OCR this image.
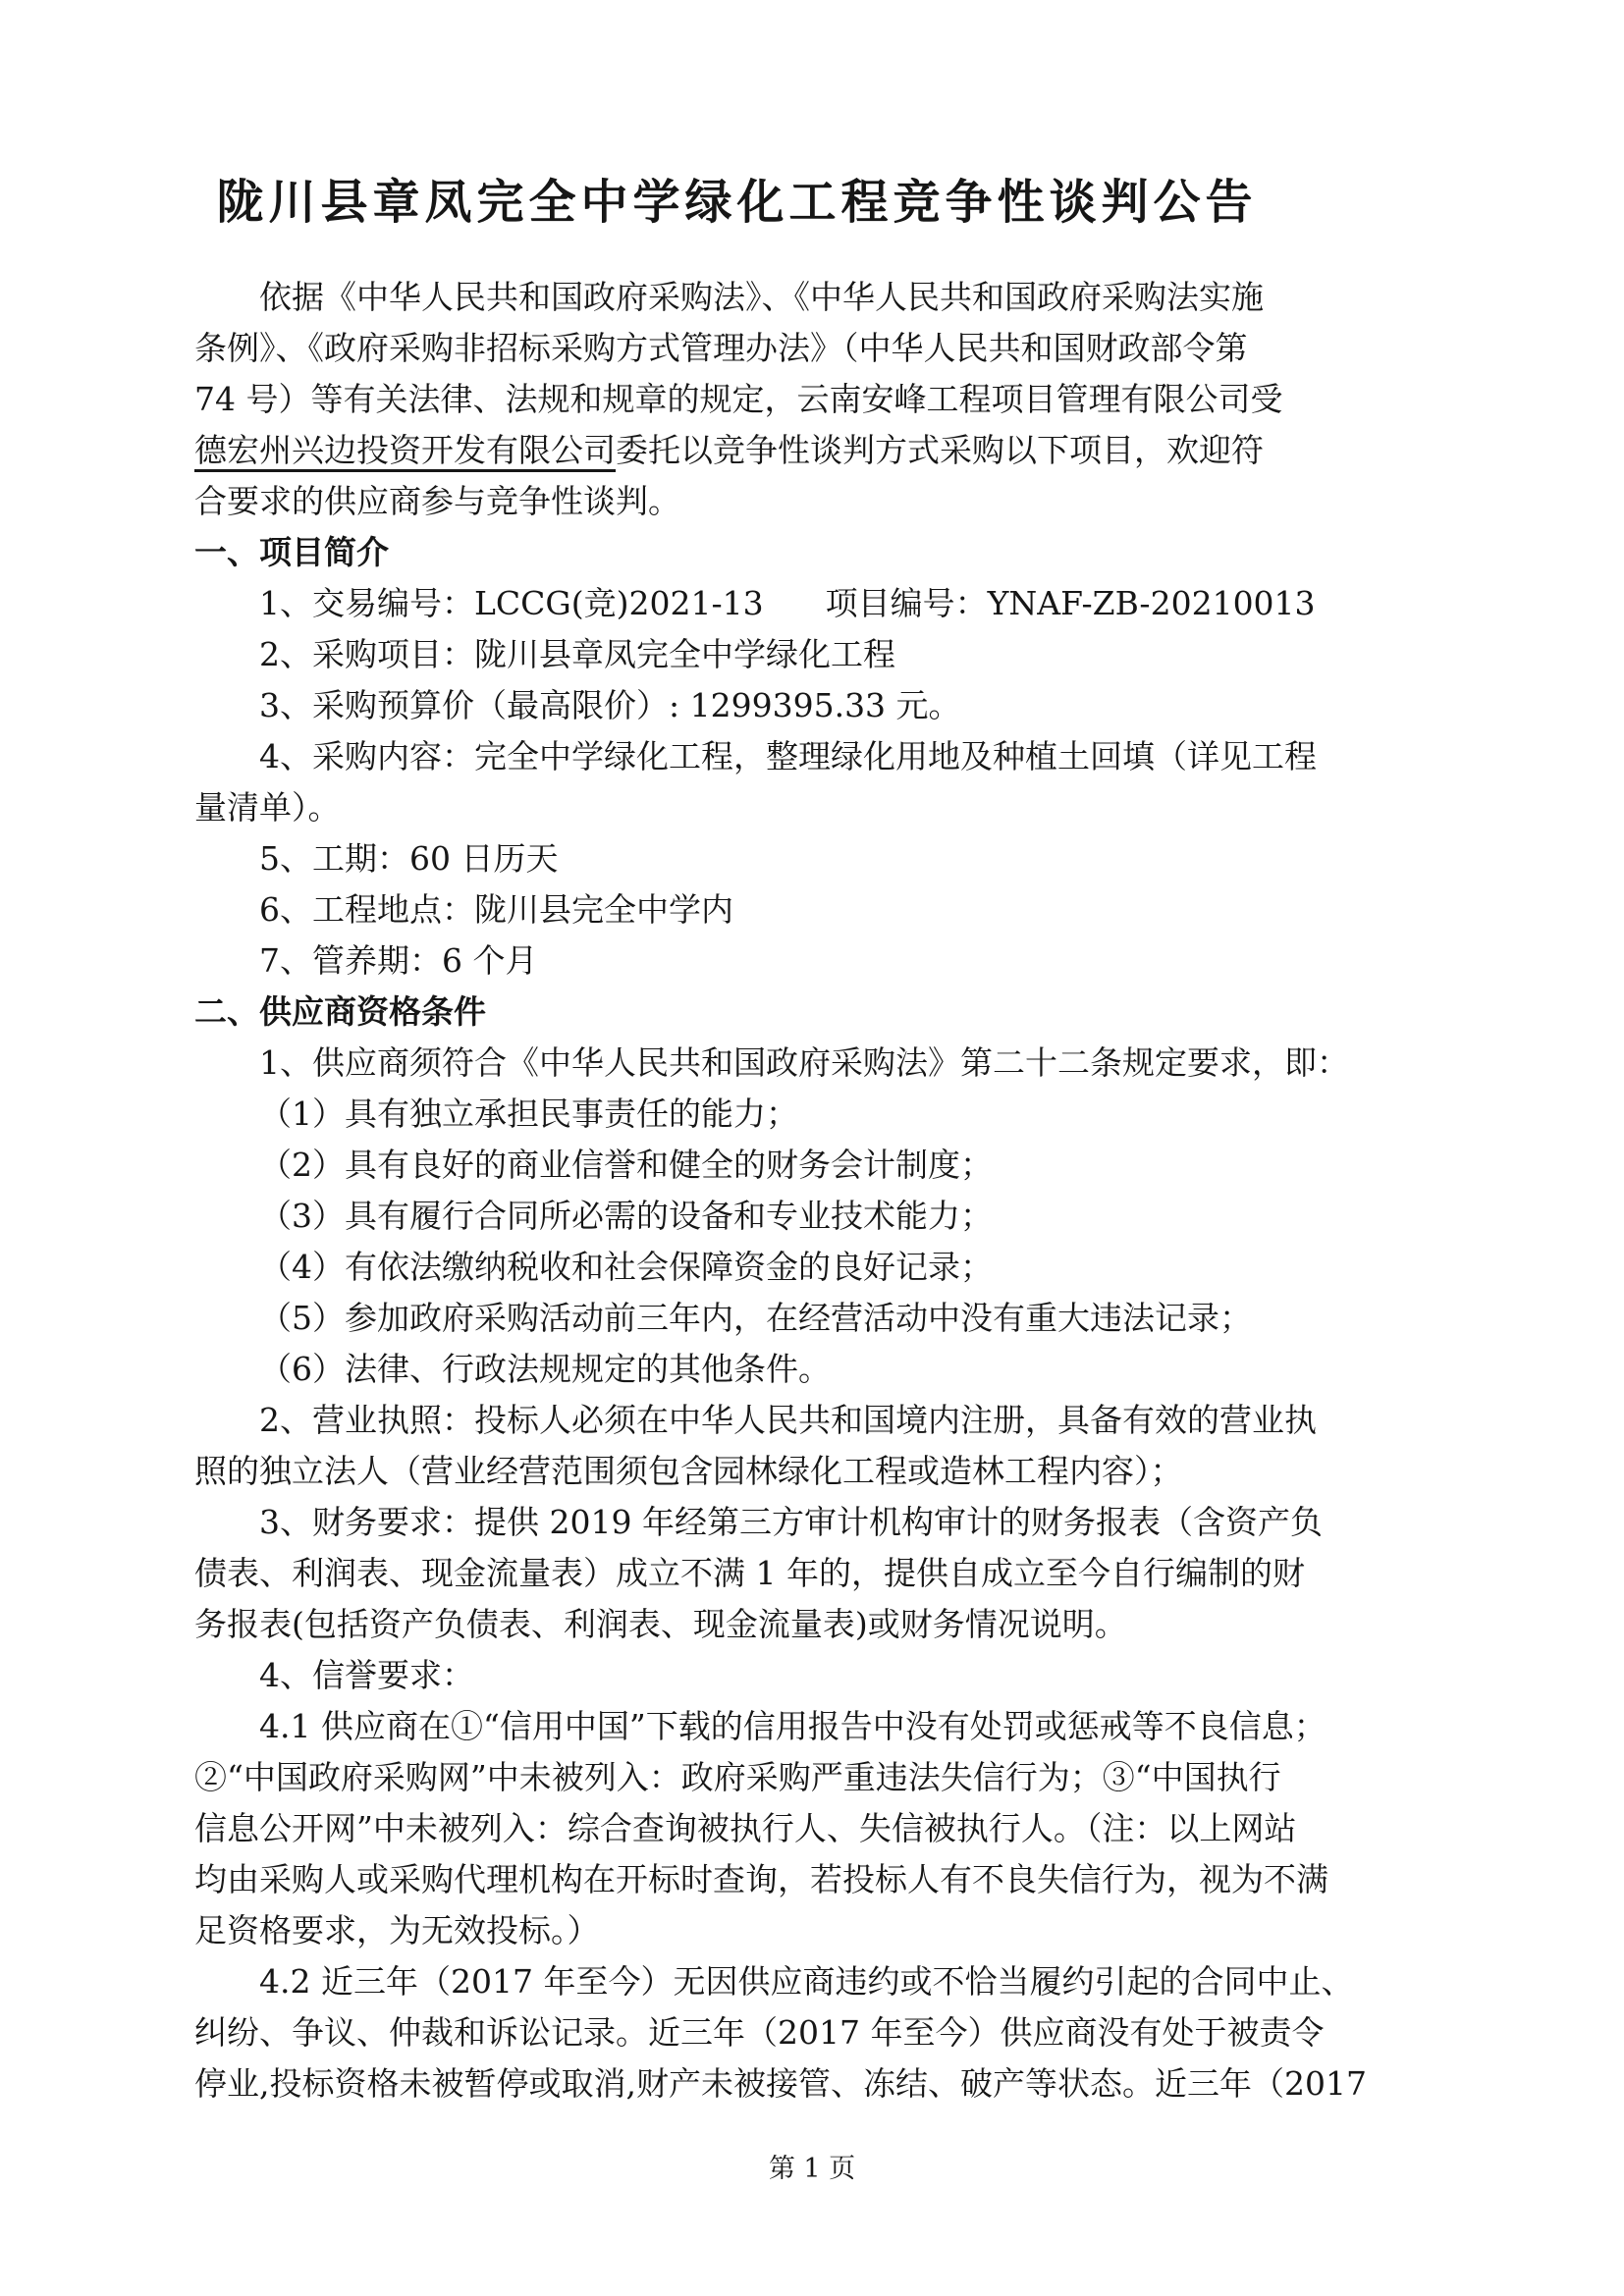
陇川县章凤完全中学绿化工程竞争性谈判公告
依据《中华人民共和国政府采购法》、《中华人民共和国政府采购法实施
条例》、《政府采购非招标采购方式管理办法》（中华人民共和国财政部令第
74 号）等有关法律、法规和规章的规定，云南安峰工程项目管理有限公司受
德宏州兴边投资开发有限公司委托以竞争性谈判方式采购以下项目，欢迎符
合要求的供应商参与竞争性谈判。
一、项目简介
1、交易编号：LCCG(竞)2021-13      项目编号：YNAF-ZB-20210013
2、采购项目：陇川县章凤完全中学绿化工程
3、采购预算价（最高限价）: 1299395.33 元。
4、采购内容：完全中学绿化工程，整理绿化用地及种植土回填（详见工程
量清单）。
5、工期：60 日历天
6、工程地点：陇川县完全中学内
7、管养期：6 个月
二、供应商资格条件
1、供应商须符合《中华人民共和国政府采购法》第二十二条规定要求，即：
（1）具有独立承担民事责任的能力；
（2）具有良好的商业信誉和健全的财务会计制度；
（3）具有履行合同所必需的设备和专业技术能力；
（4）有依法缴纳税收和社会保障资金的良好记录；
（5）参加政府采购活动前三年内，在经营活动中没有重大违法记录；
（6）法律、行政法规规定的其他条件。
2、营业执照：投标人必须在中华人民共和国境内注册，具备有效的营业执
照的独立法人（营业经营范围须包含园林绿化工程或造林工程内容）；
3、财务要求：提供 2019 年经第三方审计机构审计的财务报表（含资产负
债表、利润表、现金流量表）成立不满 1 年的，提供自成立至今自行编制的财
务报表(包括资产负债表、利润表、现金流量表)或财务情况说明。
4、信誉要求：
4.1 供应商在①“信用中国”下载的信用报告中没有处罚或惩戒等不良信息；
②“中国政府采购网”中未被列入：政府采购严重违法失信行为；③“中国执行
信息公开网”中未被列入：综合查询被执行人、失信被执行人。（注：以上网站
均由采购人或采购代理机构在开标时查询，若投标人有不良失信行为，视为不满
足资格要求，为无效投标。）
4.2 近三年（2017 年至今）无因供应商违约或不恰当履约引起的合同中止、
纠纷、争议、仲裁和诉讼记录。近三年（2017 年至今）供应商没有处于被责令
停业,投标资格未被暂停或取消,财产未被接管、冻结、破产等状态。近三年（2017
第 1 页
